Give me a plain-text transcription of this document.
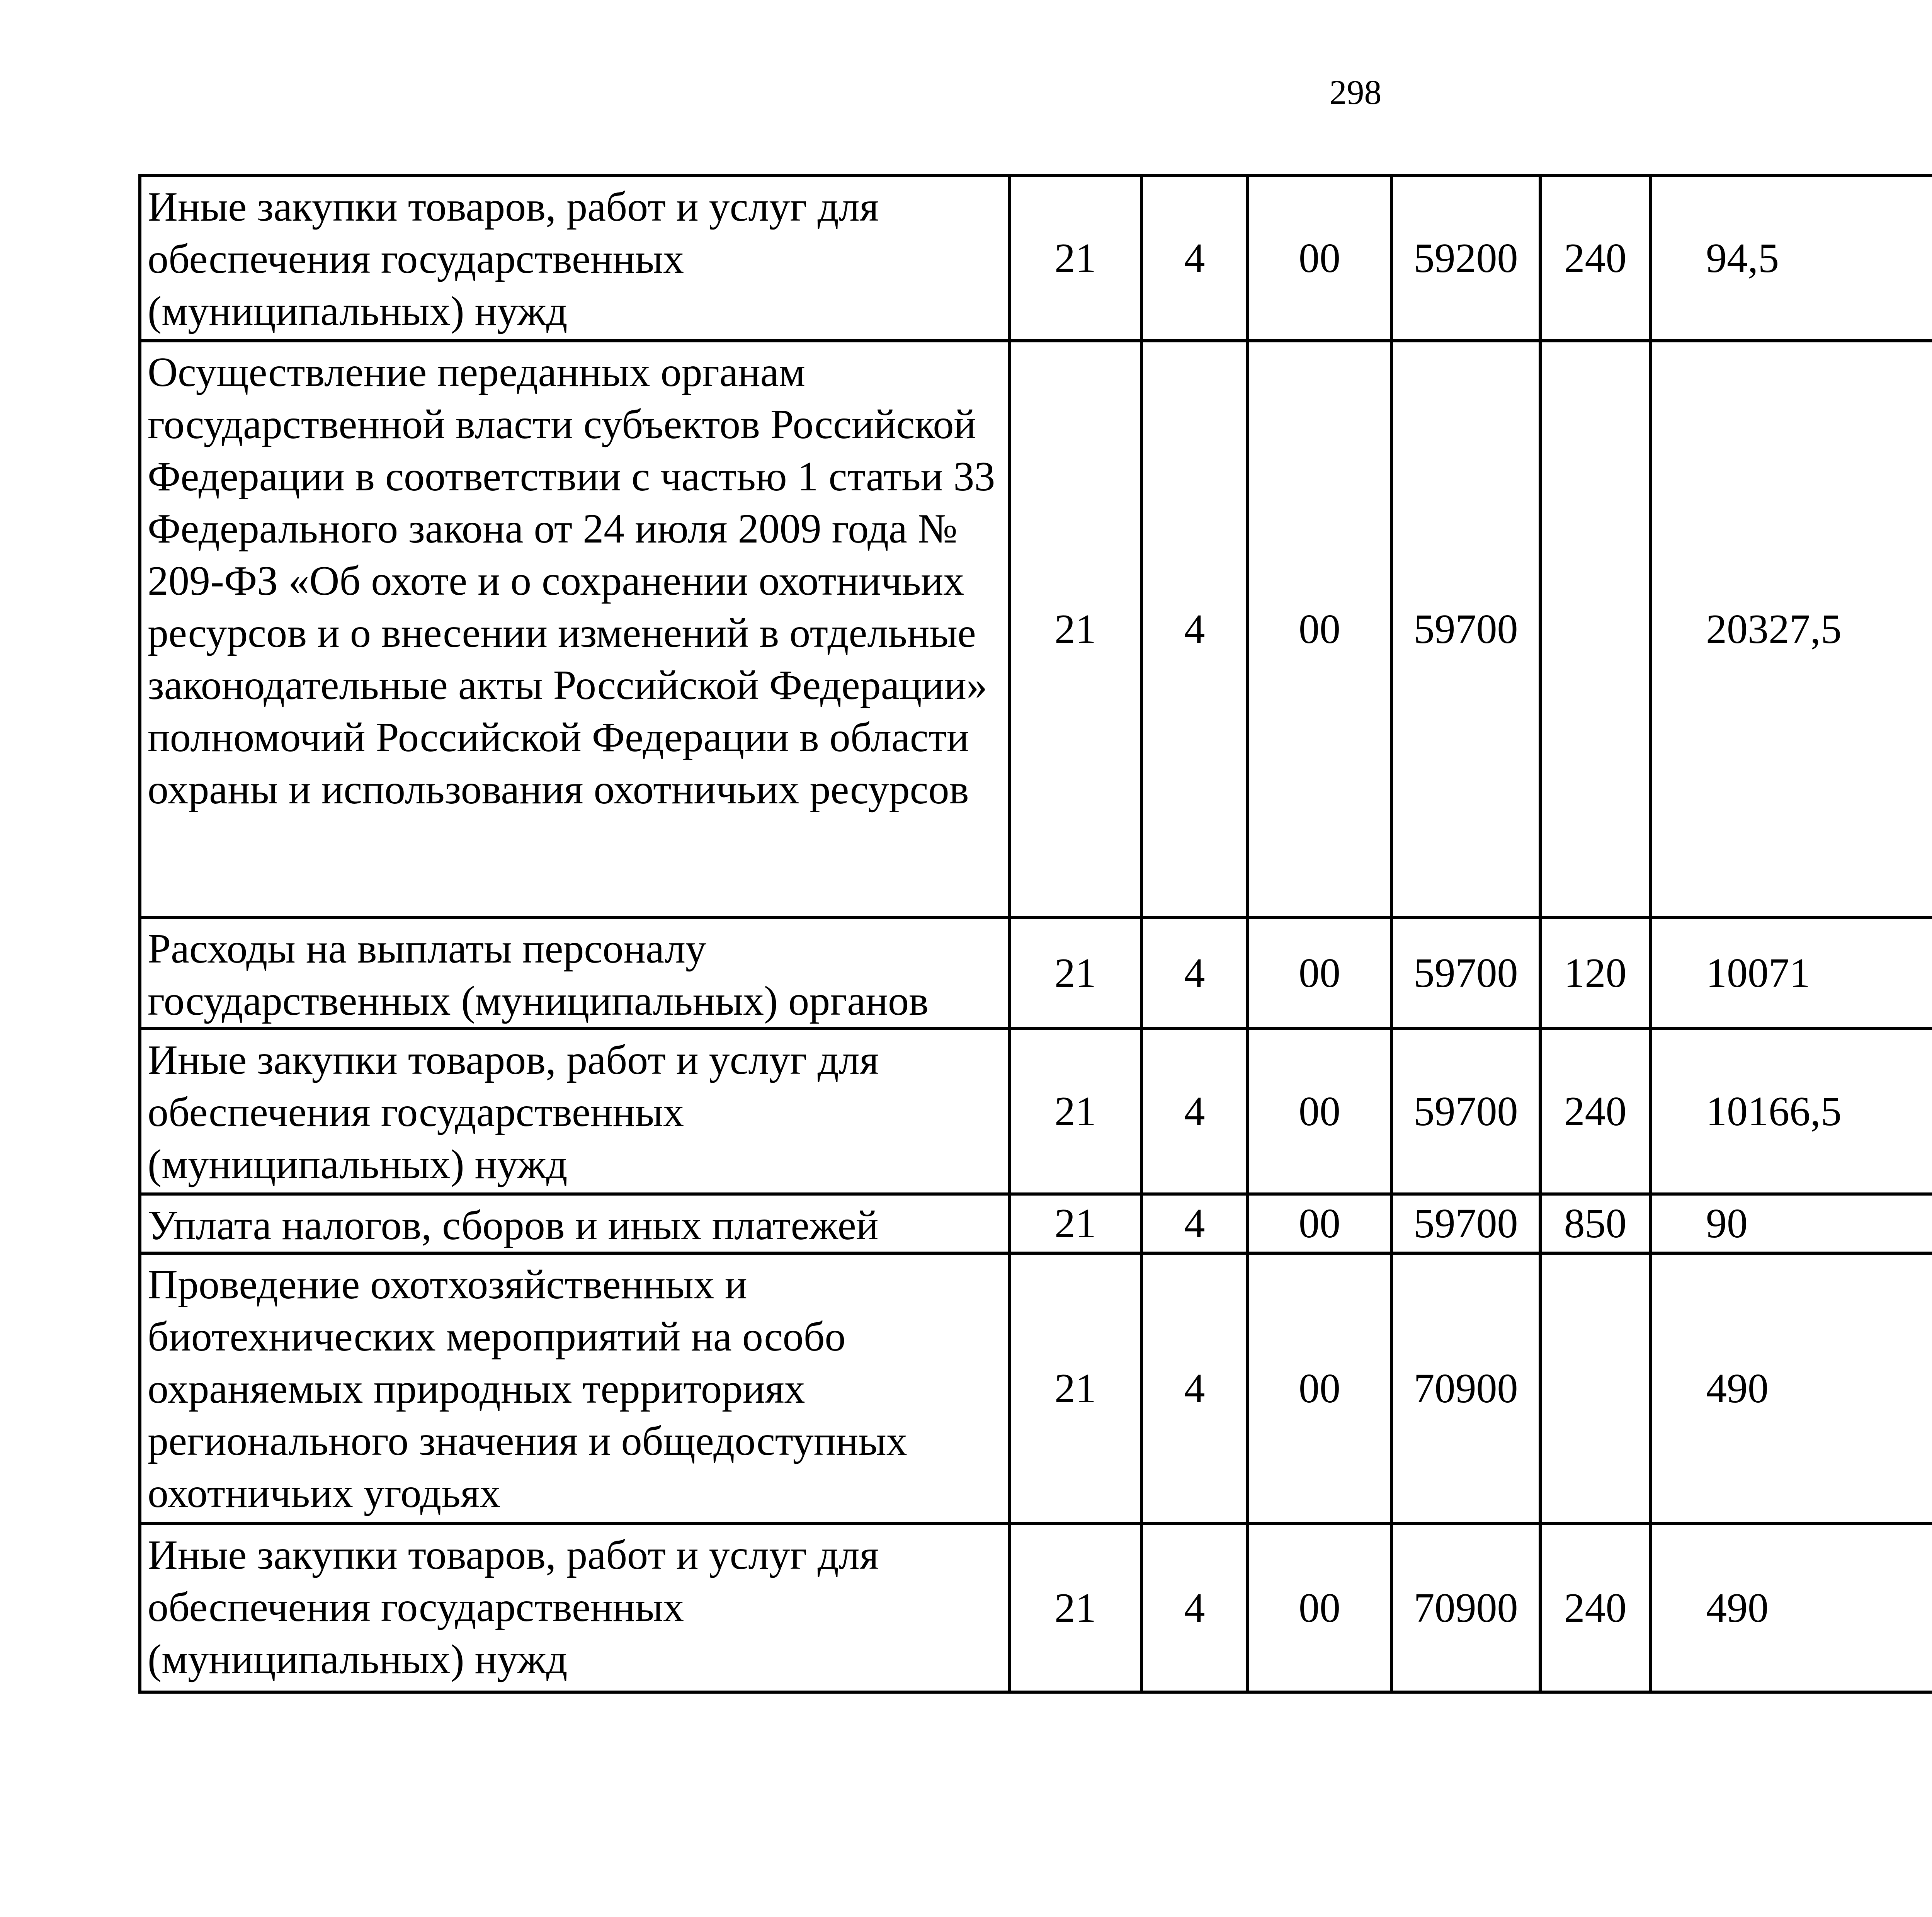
298
Иные закупки товаров, работ и услуг для обеспечения государственных (муниципальных) нужд	21	4	00	59200	240	94,5		
Осуществление переданных органам государственной власти субъектов Российской Федерации в соответствии с частью 1 статьи 33 Федерального закона от 24 июля 2009 года № 209-ФЗ «Об охоте и о сохранении охотничьих ресурсов и о внесении изменений в отдельные законодательные акты Российской Федерации» полномочий Российской Федерации в области охраны и использования охотничьих ресурсов	21	4	00	59700		20327,5		
Расходы на выплаты персоналу государственных (муниципальных) органов	21	4	00	59700	120	10071		
Иные закупки товаров, работ и услуг для обеспечения государственных (муниципальных) нужд	21	4	00	59700	240	10166,5		
Уплата налогов, сборов и иных платежей	21	4	00	59700	850	90		
Проведение охотхозяйственных и биотехнических мероприятий на особо охраняемых природных территориях регионального значения и общедоступных охотничьих угодьях	21	4	00	70900		490		
Иные закупки товаров, работ и услуг для обеспечения государственных (муниципальных) нужд	21	4	00	70900	240	490		
